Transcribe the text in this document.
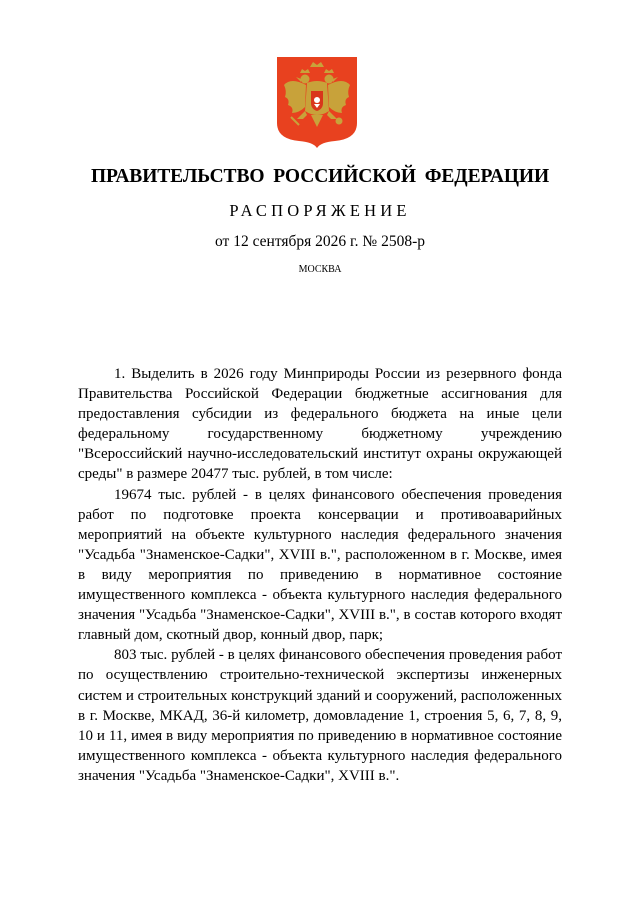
ПРАВИТЕЛЬСТВО РОССИЙСКОЙ ФЕДЕРАЦИИ
РАСПОРЯЖЕНИЕ
от 12 сентября 2026 г. № 2508-р
МОСКВА

1. Выделить в 2026 году Минприроды России из резервного фонда Правительства Российской Федерации бюджетные ассигнования для предоставления субсидии из федерального бюджета на иные цели федеральному государственному бюджетному учреждению "Всероссийский научно-исследовательский институт охраны окружающей среды" в размере 20477 тыс. рублей, в том числе:

19674 тыс. рублей - в целях финансового обеспечения проведения работ по подготовке проекта консервации и противоаварийных мероприятий на объекте культурного наследия федерального значения "Усадьба "Знаменское-Садки", XVIII в.", расположенном в г. Москве, имея в виду мероприятия по приведению в нормативное состояние имущественного комплекса - объекта культурного наследия федерального значения "Усадьба "Знаменское-Садки", XVIII в.", в состав которого входят главный дом, скотный двор, конный двор, парк;

803 тыс. рублей - в целях финансового обеспечения проведения работ по осуществлению строительно-технической экспертизы инженерных систем и строительных конструкций зданий и сооружений, расположенных в г. Москве, МКАД, 36-й километр, домовладение 1, строения 5, 6, 7, 8, 9, 10 и 11, имея в виду мероприятия по приведению в нормативное состояние имущественного комплекса - объекта культурного наследия федерального значения "Усадьба "Знаменское-Садки", XVIII в.".
